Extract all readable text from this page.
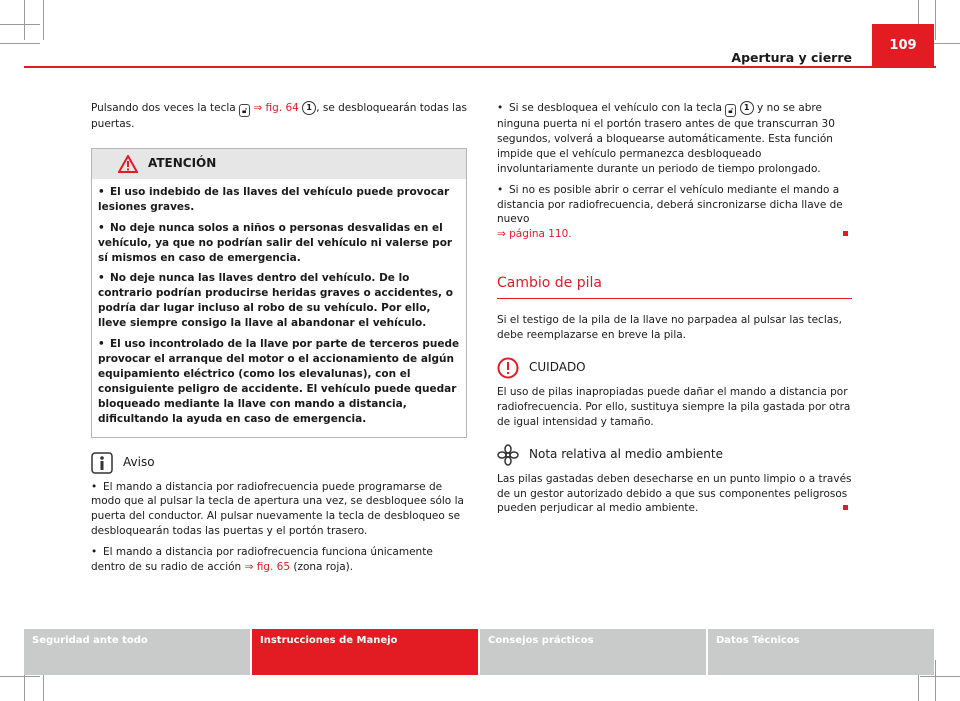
Apertura y cierre
109

Pulsando dos veces la tecla 🔓︎ ⇒ fig. 64 1 , se desbloquearán todas las puertas.

ATENCIÓN

• El uso indebido de las llaves del vehículo puede provocar lesiones graves.

• No deje nunca solos a niños o personas desvalidas en el vehículo, ya que no podrían salir del vehículo ni valerse por sí mismos en caso de emergencia.

• No deje nunca las llaves dentro del vehículo. De lo contrario podrían producirse heridas graves o accidentes, o podría dar lugar incluso al robo de su vehículo. Por ello, lleve siempre consigo la llave al abandonar el vehículo.

• El uso incontrolado de la llave por parte de terceros puede provocar el arranque del motor o el accionamiento de algún equipamiento eléctrico (como los elevalunas), con el consiguiente peligro de accidente. El vehículo puede quedar bloqueado mediante la llave con mando a distancia, dificultando la ayuda en caso de emergencia.

Aviso

• El mando a distancia por radiofrecuencia puede programarse de modo que al pulsar la tecla de apertura una vez, se desbloquee sólo la puerta del conductor. Al pulsar nuevamente la tecla de desbloqueo se desbloquearán todas las puertas y el portón trasero.

• El mando a distancia por radiofrecuencia funciona únicamente dentro de su radio de acción ⇒ fig. 65 (zona roja).

• Si se desbloquea el vehículo con la tecla 🔓︎ 1 y no se abre ninguna puerta ni el portón trasero antes de que transcurran 30 segundos, volverá a bloquearse automáticamente. Esta función impide que el vehículo permanezca desbloqueado involuntariamente durante un periodo de tiempo prolongado.

• Si no es posible abrir o cerrar el vehículo mediante el mando a distancia por radiofrecuencia, deberá sincronizarse dicha llave de nuevo
⇒ página 110.

Cambio de pila

Si el testigo de la pila de la llave no parpadea al pulsar las teclas, debe reemplazarse en breve la pila.

CUIDADO

El uso de pilas inapropiadas puede dañar el mando a distancia por radiofrecuencia. Por ello, sustituya siempre la pila gastada por otra de igual intensidad y tamaño.

Nota relativa al medio ambiente

Las pilas gastadas deben desecharse en un punto limpio o a través de un gestor autorizado debido a que sus componentes peligrosos pueden perjudicar al medio ambiente.

Seguridad ante todo	Instrucciones de Manejo	Consejos prácticos	Datos Técnicos
